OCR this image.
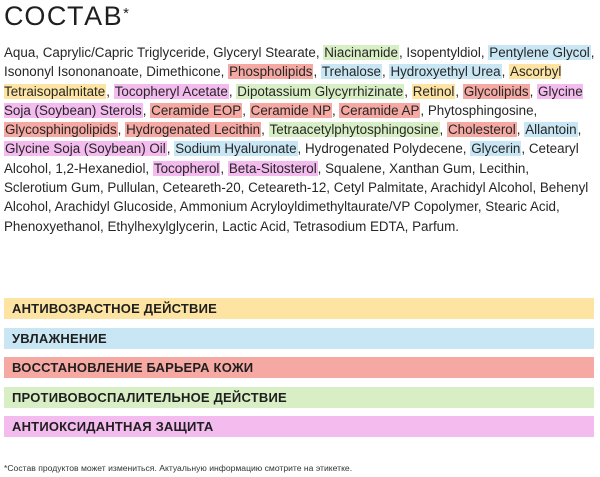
СОСТАВ*
Aqua, Caprylic/Capric Triglyceride, Glyceryl Stearate, Niacinamide, Isopentyldiol, Pentylene Glycol, Isononyl Isononanoate, Dimethicone, Phospholipids, Trehalose, Hydroxyethyl Urea, Ascorbyl Tetraisopalmitate, Tocopheryl Acetate, Dipotassium Glycyrrhizinate, Retinol, Glycolipids, Glycine Soja (Soybean) Sterols, Ceramide EOP, Ceramide NP, Ceramide AP, Phytosphingosine, Glycosphingolipids, Hydrogenated Lecithin, Tetraacetylphytosphingosine, Cholesterol, Allantoin, Glycine Soja (Soybean) Oil, Sodium Hyaluronate, Hydrogenated Polydecene, Glycerin, Cetearyl Alcohol, 1,2-Hexanediol, Tocopherol, Beta-Sitosterol, Squalene, Xanthan Gum, Lecithin, Sclerotium Gum, Pullulan, Ceteareth-20, Ceteareth-12, Cetyl Palmitate, Arachidyl Alcohol, Behenyl Alcohol, Arachidyl Glucoside, Ammonium Acryloyldimethyltaurate/VP Copolymer, Stearic Acid, Phenoxyethanol, Ethylhexylglycerin, Lactic Acid, Tetrasodium EDTA, Parfum.
АНТИВОЗРАСТНОЕ ДЕЙСТВИЕ
УВЛАЖНЕНИЕ
ВОССТАНОВЛЕНИЕ БАРЬЕРА КОЖИ
ПРОТИВОВОСПАЛИТЕЛЬНОЕ ДЕЙСТВИЕ
АНТИОКСИДАНТНАЯ ЗАЩИТА
*Состав продуктов может измениться. Актуальную информацию смотрите на этикетке.
